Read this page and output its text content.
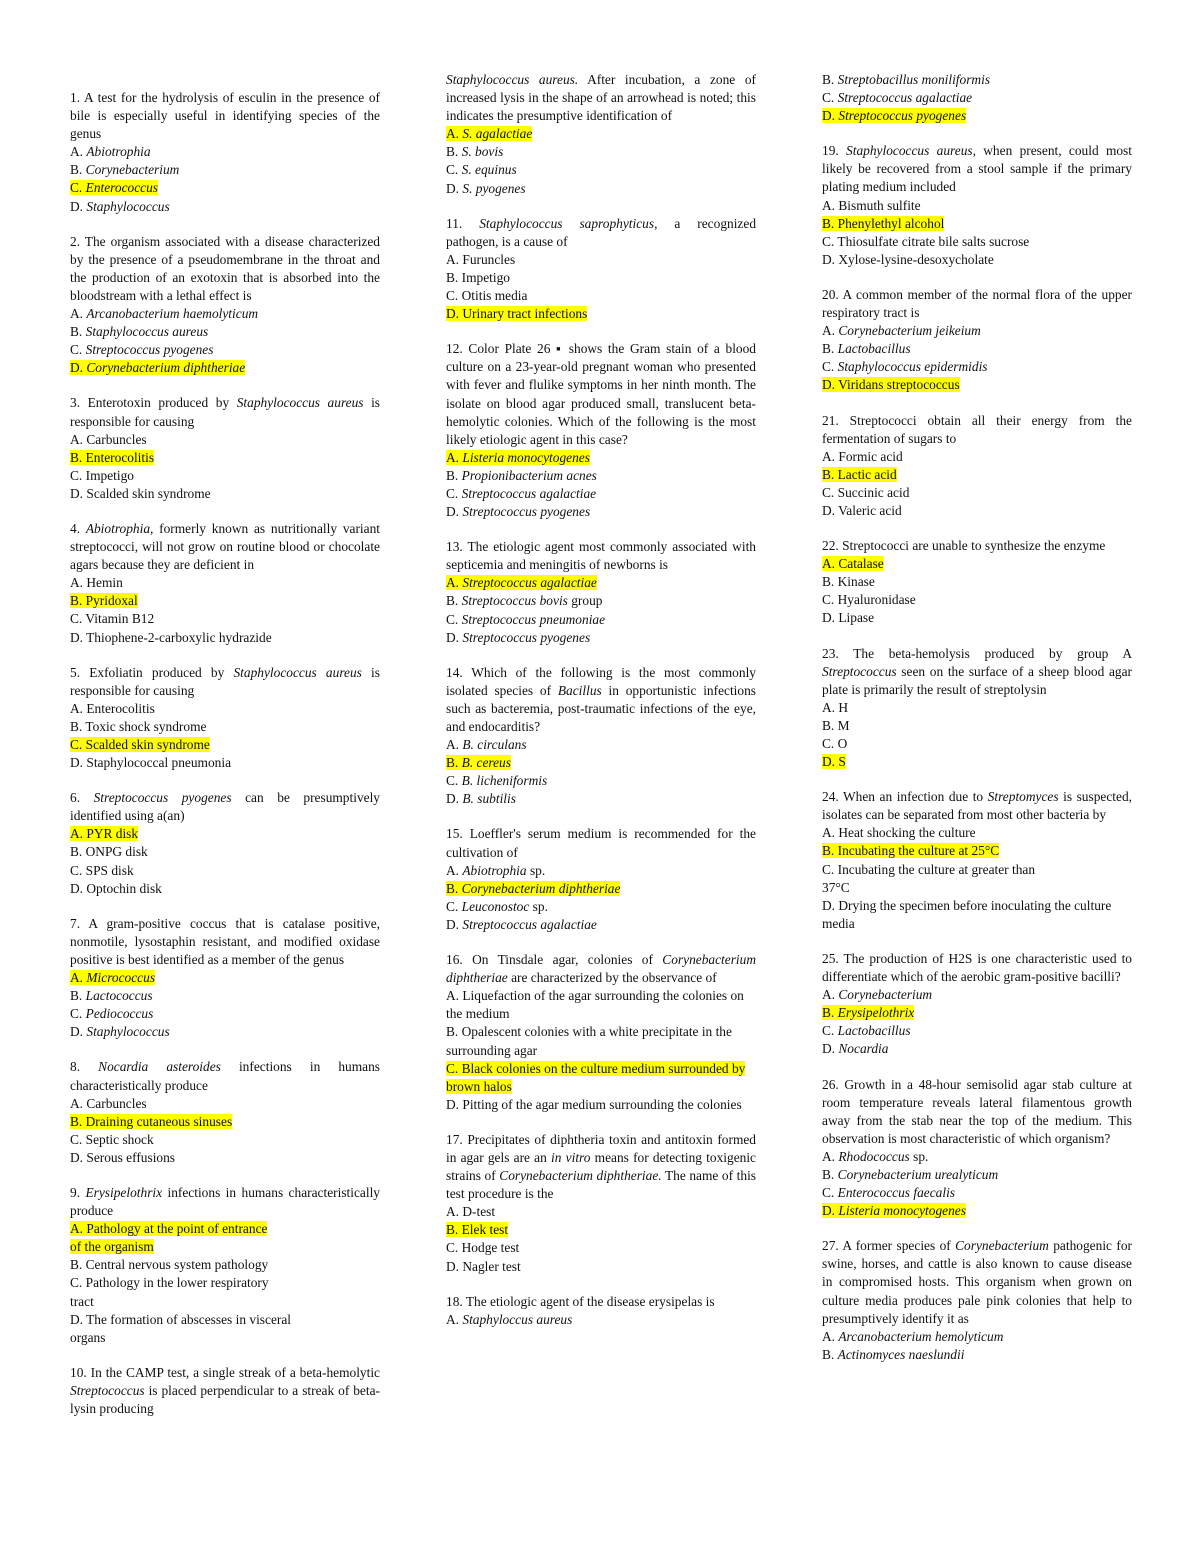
1. A test for the hydrolysis of esculin in the presence of bile is especially useful in identifying species of the genus
A. Abiotrophia
B. Corynebacterium
C. Enterococcus
D. Staphylococcus
2. The organism associated with a disease characterized by the presence of a pseudomembrane in the throat and the production of an exotoxin that is absorbed into the bloodstream with a lethal effect is
A. Arcanobacterium haemolyticum
B. Staphylococcus aureus
C. Streptococcus pyogenes
D. Corynebacterium diphtheriae
3. Enterotoxin produced by Staphylococcus aureus is responsible for causing
A. Carbuncles
B. Enterocolitis
C. Impetigo
D. Scalded skin syndrome
4. Abiotrophia, formerly known as nutritionally variant streptococci, will not grow on routine blood or chocolate agars because they are deficient in
A. Hemin
B. Pyridoxal
C. Vitamin B12
D. Thiophene-2-carboxylic hydrazide
5. Exfoliatin produced by Staphylococcus aureus is responsible for causing
A. Enterocolitis
B. Toxic shock syndrome
C. Scalded skin syndrome
D. Staphylococcal pneumonia
6. Streptococcus pyogenes can be presumptively identified using a(an)
A. PYR disk
B. ONPG disk
C. SPS disk
D. Optochin disk
7. A gram-positive coccus that is catalase positive, nonmotile, lysostaphin resistant, and modified oxidase positive is best identified as a member of the genus
A. Micrococcus
B. Lactococcus
C. Pediococcus
D. Staphylococcus
8. Nocardia asteroides infections in humans characteristically produce
A. Carbuncles
B. Draining cutaneous sinuses
C. Septic shock
D. Serous effusions
9. Erysipelothrix infections in humans characteristically produce
A. Pathology at the point of entrance
of the organism
B. Central nervous system pathology
C. Pathology in the lower respiratory
tract
D. The formation of abscesses in visceral
organs
10. In the CAMP test, a single streak of a beta-hemolytic Streptococcus is placed perpendicular to a streak of beta-lysin producing
Staphylococcus aureus. After incubation, a zone of increased lysis in the shape of an arrowhead is noted; this indicates the presumptive identification of
A. S. agalactiae
B. S. bovis
C. S. equinus
D. S. pyogenes
11. Staphylococcus saprophyticus, a recognized pathogen, is a cause of
A. Furuncles
B. Impetigo
C. Otitis media
D. Urinary tract infections
12. Color Plate 26 ▪ shows the Gram stain of a blood culture on a 23-year-old pregnant woman who presented with fever and flulike symptoms in her ninth month. The isolate on blood agar produced small, translucent beta-hemolytic colonies. Which of the following is the most likely etiologic agent in this case?
A. Listeria monocytogenes
B. Propionibacterium acnes
C. Streptococcus agalactiae
D. Streptococcus pyogenes
13. The etiologic agent most commonly associated with septicemia and meningitis of newborns is
A. Streptococcus agalactiae
B. Streptococcus bovis group
C. Streptococcus pneumoniae
D. Streptococcus pyogenes
14. Which of the following is the most commonly isolated species of Bacillus in opportunistic infections such as bacteremia, post-traumatic infections of the eye, and endocarditis?
A. B. circulans
B. B. cereus
C. B. licheniformis
D. B. subtilis
15. Loeffler's serum medium is recommended for the cultivation of
A. Abiotrophia sp.
B. Corynebacterium diphtheriae
C. Leuconostoc sp.
D. Streptococcus agalactiae
16. On Tinsdale agar, colonies of Corynebacterium diphtheriae are characterized by the observance of
A. Liquefaction of the agar surrounding the colonies on the medium
B. Opalescent colonies with a white precipitate in the surrounding agar
C. Black colonies on the culture medium surrounded by brown halos
D. Pitting of the agar medium surrounding the colonies
17. Precipitates of diphtheria toxin and antitoxin formed in agar gels are an in vitro means for detecting toxigenic strains of Corynebacterium diphtheriae. The name of this test procedure is the
A. D-test
B. Elek test
C. Hodge test
D. Nagler test
18. The etiologic agent of the disease erysipelas is
A. Staphyloccus aureus
B. Streptobacillus moniliformis
C. Streptococcus agalactiae
D. Streptococcus pyogenes
19. Staphylococcus aureus, when present, could most likely be recovered from a stool sample if the primary plating medium included
A. Bismuth sulfite
B. Phenylethyl alcohol
C. Thiosulfate citrate bile salts sucrose
D. Xylose-lysine-desoxycholate
20. A common member of the normal flora of the upper respiratory tract is
A. Corynebacterium jeikeium
B. Lactobacillus
C. Staphylococcus epidermidis
D. Viridans streptococcus
21. Streptococci obtain all their energy from the fermentation of sugars to
A. Formic acid
B. Lactic acid
C. Succinic acid
D. Valeric acid
22. Streptococci are unable to synthesize the enzyme
A. Catalase
B. Kinase
C. Hyaluronidase
D. Lipase
23. The beta-hemolysis produced by group A Streptococcus seen on the surface of a sheep blood agar plate is primarily the result of streptolysin
A. H
B. M
C. O
D. S
24. When an infection due to Streptomyces is suspected, isolates can be separated from most other bacteria by
A. Heat shocking the culture
B. Incubating the culture at 25°C
C. Incubating the culture at greater than
37°C
D. Drying the specimen before inoculating the culture media
25. The production of H2S is one characteristic used to differentiate which of the aerobic gram-positive bacilli?
A. Corynebacterium
B. Erysipelothrix
C. Lactobacillus
D. Nocardia
26. Growth in a 48-hour semisolid agar stab culture at room temperature reveals lateral filamentous growth away from the stab near the top of the medium. This observation is most characteristic of which organism?
A. Rhodococcus sp.
B. Corynebacterium urealyticum
C. Enterococcus faecalis
D. Listeria monocytogenes
27. A former species of Corynebacterium pathogenic for swine, horses, and cattle is also known to cause disease in compromised hosts. This organism when grown on culture media produces pale pink colonies that help to presumptively identify it as
A. Arcanobacterium hemolyticum
B. Actinomyces naeslundii
